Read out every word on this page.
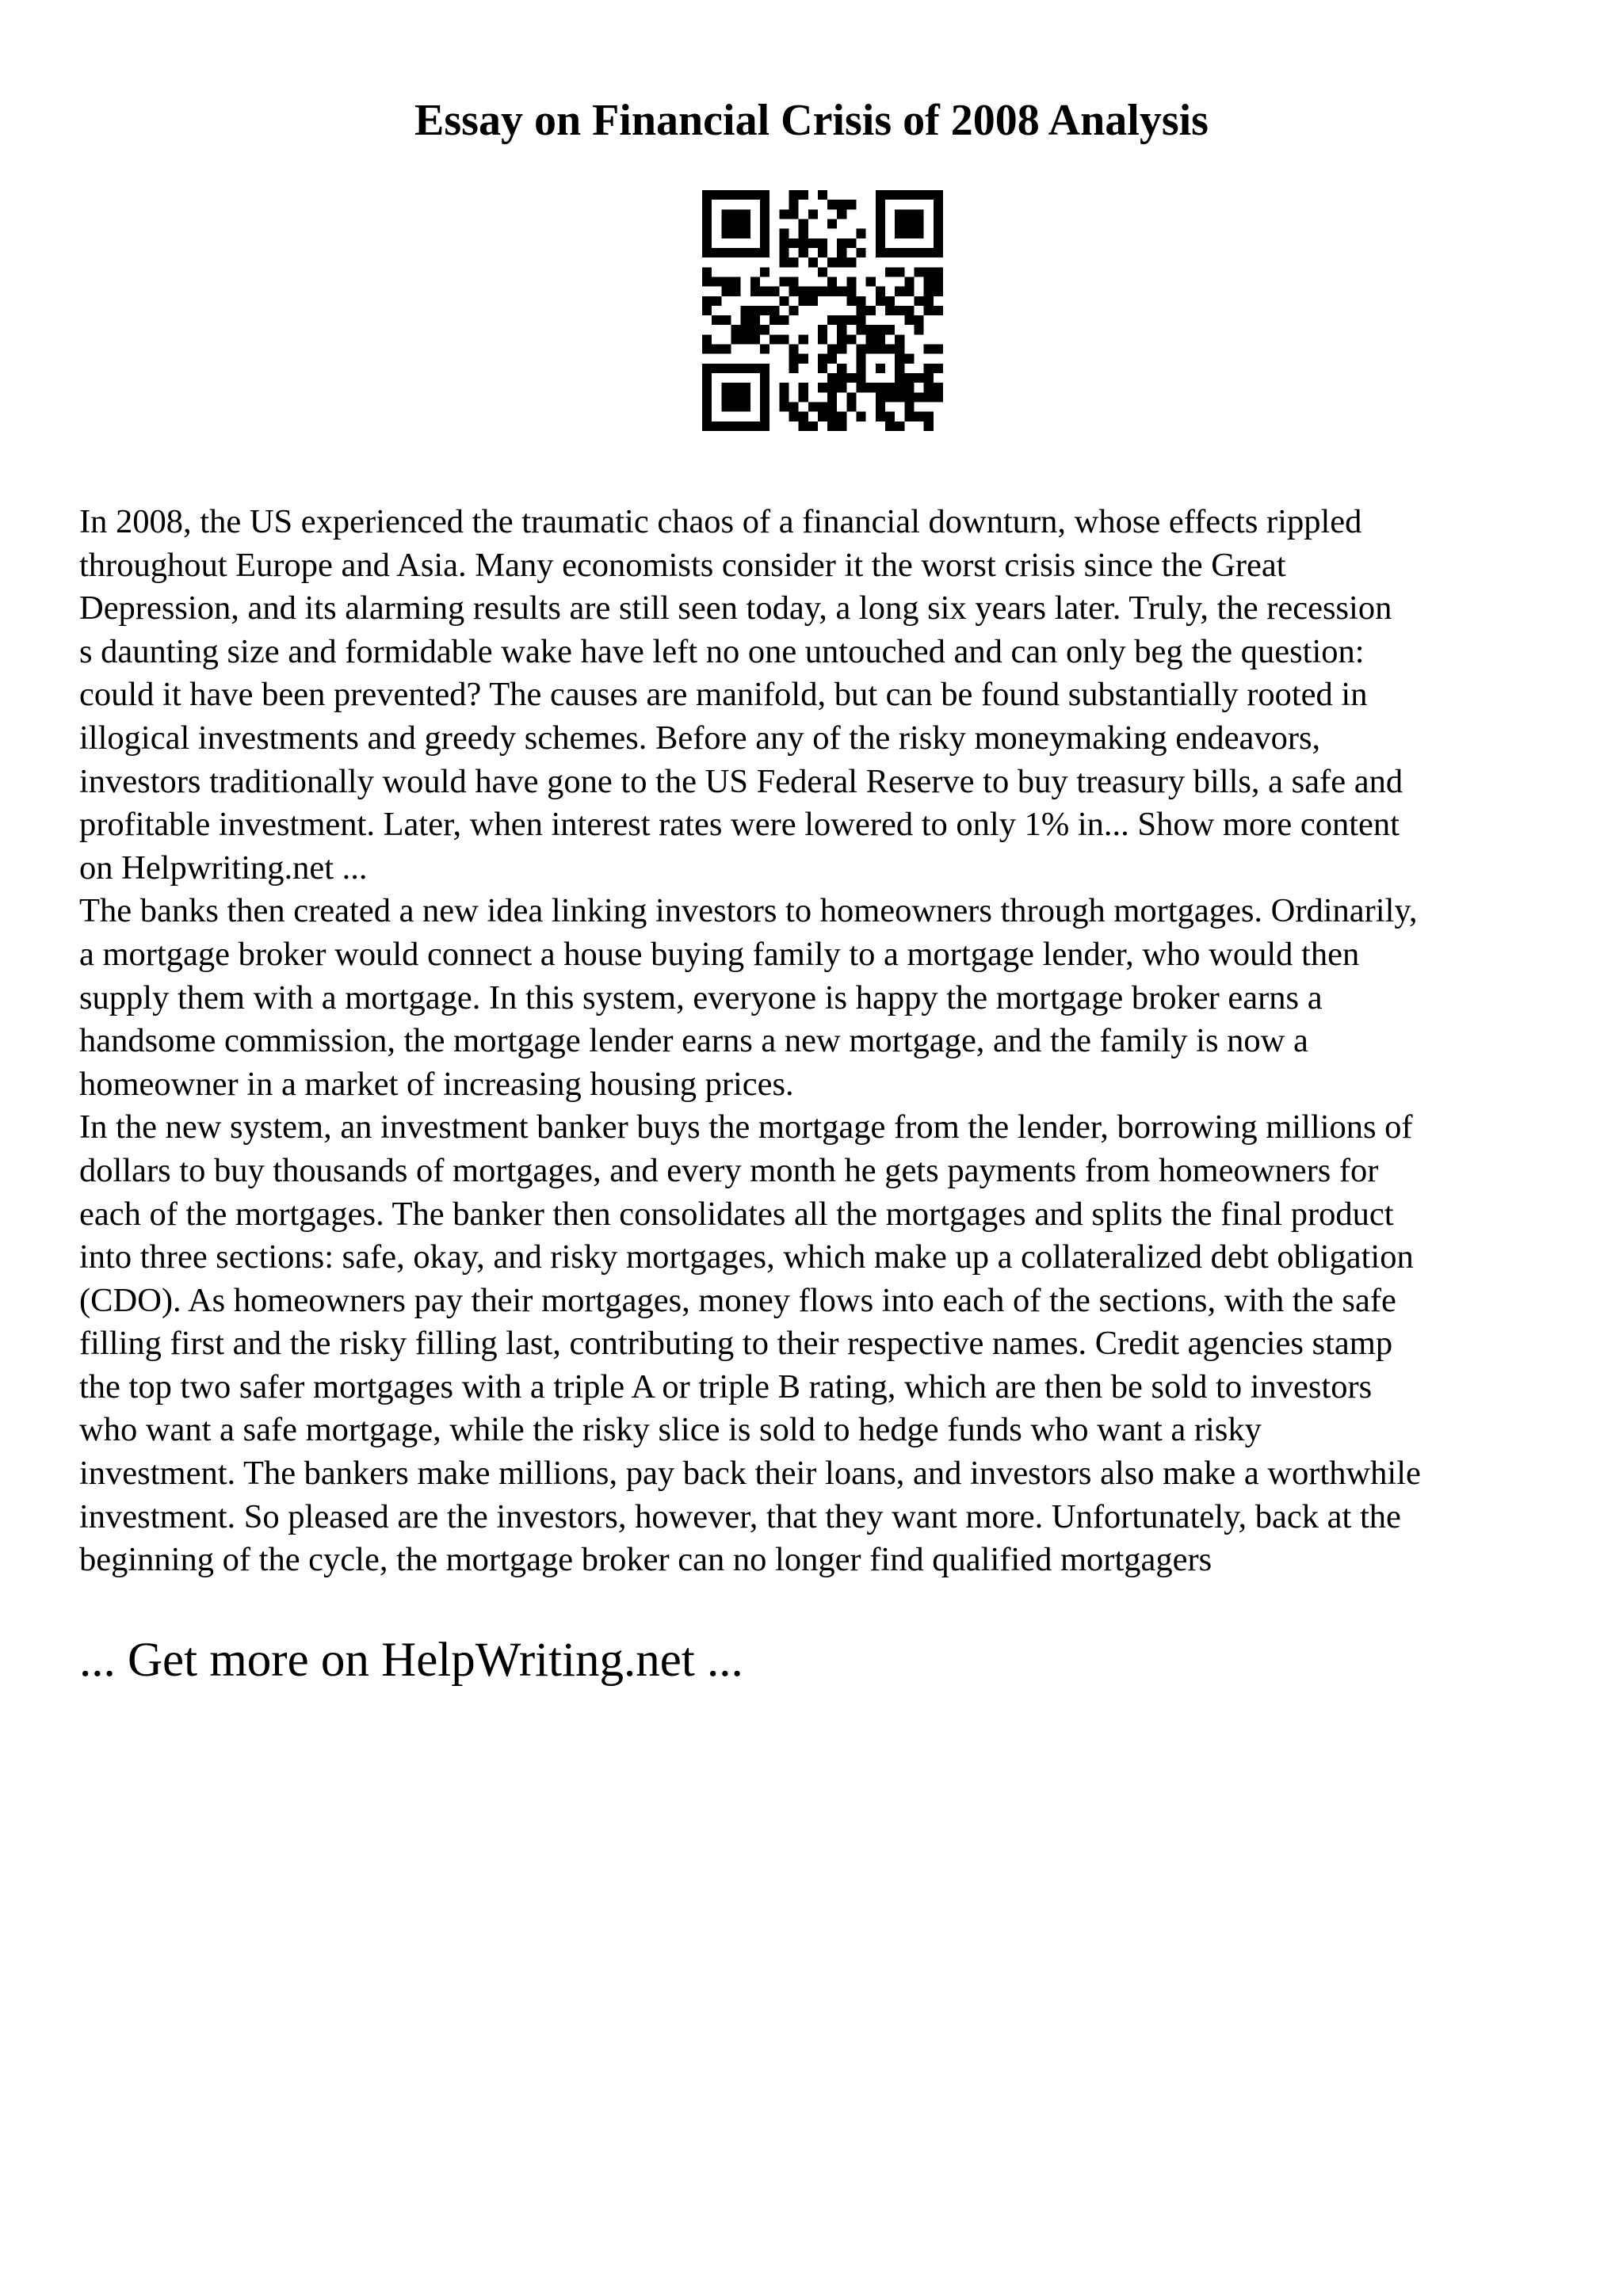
Essay on Financial Crisis of 2008 Analysis
In 2008, the US experienced the traumatic chaos of a financial downturn, whose effects rippled
throughout Europe and Asia. Many economists consider it the worst crisis since the Great
Depression, and its alarming results are still seen today, a long six years later. Truly, the recession
s daunting size and formidable wake have left no one untouched and can only beg the question:
could it have been prevented? The causes are manifold, but can be found substantially rooted in
illogical investments and greedy schemes. Before any of the risky moneymaking endeavors,
investors traditionally would have gone to the US Federal Reserve to buy treasury bills, a safe and
profitable investment. Later, when interest rates were lowered to only 1% in... Show more content
on Helpwriting.net ...
The banks then created a new idea linking investors to homeowners through mortgages. Ordinarily,
a mortgage broker would connect a house buying family to a mortgage lender, who would then
supply them with a mortgage. In this system, everyone is happy the mortgage broker earns a
handsome commission, the mortgage lender earns a new mortgage, and the family is now a
homeowner in a market of increasing housing prices.
In the new system, an investment banker buys the mortgage from the lender, borrowing millions of
dollars to buy thousands of mortgages, and every month he gets payments from homeowners for
each of the mortgages. The banker then consolidates all the mortgages and splits the final product
into three sections: safe, okay, and risky mortgages, which make up a collateralized debt obligation
(CDO). As homeowners pay their mortgages, money flows into each of the sections, with the safe
filling first and the risky filling last, contributing to their respective names. Credit agencies stamp
the top two safer mortgages with a triple A or triple B rating, which are then be sold to investors
who want a safe mortgage, while the risky slice is sold to hedge funds who want a risky
investment. The bankers make millions, pay back their loans, and investors also make a worthwhile
investment. So pleased are the investors, however, that they want more. Unfortunately, back at the
beginning of the cycle, the mortgage broker can no longer find qualified mortgagers

... Get more on HelpWriting.net ...
